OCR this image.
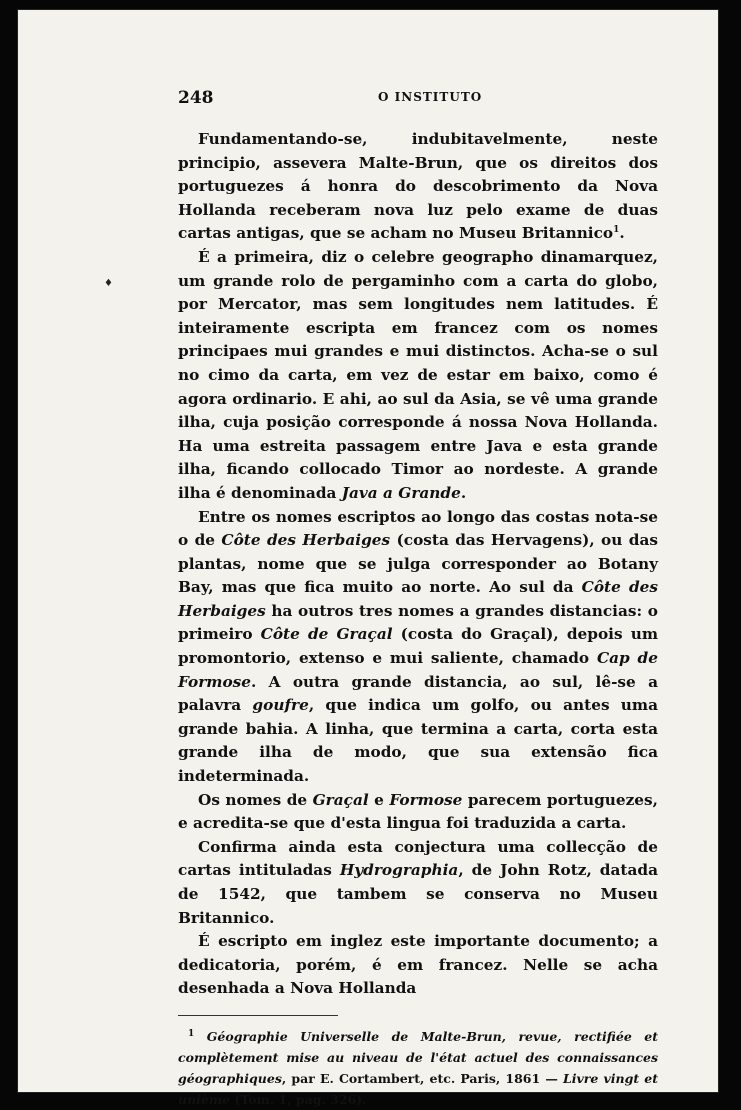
248	O INSTITUTO

Fundamentando-se, indubitavelmente, neste principio, assevera Malte-Brun, que os direitos dos portuguezes á honra do descobrimento da Nova Hollanda receberam nova luz pelo exame de duas cartas antigas, que se acham no Museu Britannico$^1$.

É a primeira, diz o celebre geographo dinamarquez, um grande rolo de pergaminho com a carta do globo, por Mercator, mas sem longitudes nem latitudes. É inteiramente escripta em francez com os nomes principaes mui grandes e mui distinctos. Acha-se o sul no cimo da carta, em vez de estar em baixo, como é agora ordinario. E ahi, ao sul da Asia, se vê uma grande ilha, cuja posição corresponde á nossa Nova Hollanda. Ha uma estreita passagem entre Java e esta grande ilha, ficando collocado Timor ao nordeste. A grande ilha é denominada Java a Grande.

Entre os nomes escriptos ao longo das costas nota-se o de Côte des Herbaiges (costa das Hervagens), ou das plantas, nome que se julga corresponder ao Botany Bay, mas que fica muito ao norte. Ao sul da Côte des Herbaiges ha outros tres nomes a grandes distancias: o primeiro Côte de Graçal (costa do Graçal), depois um promontorio, extenso e mui saliente, chamado Cap de Formose. A outra grande distancia, ao sul, lê-se a palavra goufre, que indica um golfo, ou antes uma grande bahia. A linha, que termina a carta, corta esta grande ilha de modo, que sua extensão fica indeterminada.

Os nomes de Graçal e Formose parecem portuguezes, e acredita-se que d'esta lingua foi traduzida a carta.

Confirma ainda esta conjectura uma collecção de cartas intituladas Hydrographia, de John Rotz, datada de 1542, que tambem se conserva no Museu Britannico.

É escripto em inglez este importante documento; a dedicatoria, porém, é em francez. Nelle se acha desenhada a Nova Hollanda

$^1$ Géographie Universelle de Malte-Brun, revue, rectifiée et complètement mise au niveau de l'état actuel des connaissances géographiques, par E. Cortambert, etc. Paris, 1861 — Livre vingt et unième (Tom. 1, pag. 326).

♦
